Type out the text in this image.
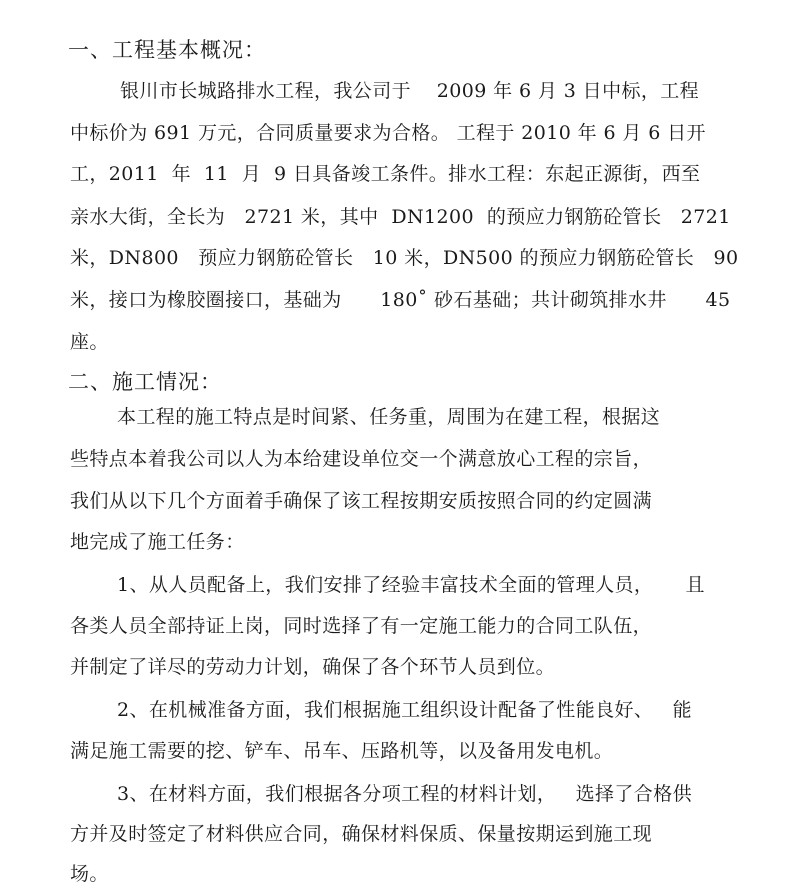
一、工程基本概况：
银川市长城路排水工程，我公司于    2009 年 6 月 3 日中标，工程
中标价为 691 万元，合同质量要求为合格。 工程于 2010 年 6 月 6 日开
工，2011  年  11  月  9 日具备竣工条件。排水工程：东起正源街，西至
亲水大街，全长为   2721 米，其中  DN1200  的预应力钢筋砼管长   2721
米，DN800   预应力钢筋砼管长   10 米，DN500 的预应力钢筋砼管长   90
米，接口为橡胶圈接口，基础为      180˚ 砂石基础；共计砌筑排水井      45
座。
二、施工情况：
本工程的施工特点是时间紧、任务重，周围为在建工程，根据这
些特点本着我公司以人为本给建设单位交一个满意放心工程的宗旨，
我们从以下几个方面着手确保了该工程按期安质按照合同的约定圆满
地完成了施工任务：
1、从人员配备上，我们安排了经验丰富技术全面的管理人员，     且
各类人员全部持证上岗，同时选择了有一定施工能力的合同工队伍，
并制定了详尽的劳动力计划，确保了各个环节人员到位。
2、在机械准备方面，我们根据施工组织设计配备了性能良好、   能
满足施工需要的挖、铲车、吊车、压路机等，以及备用发电机。
3、在材料方面，我们根据各分项工程的材料计划，   选择了合格供
方并及时签定了材料供应合同，确保材料保质、保量按期运到施工现
场。
